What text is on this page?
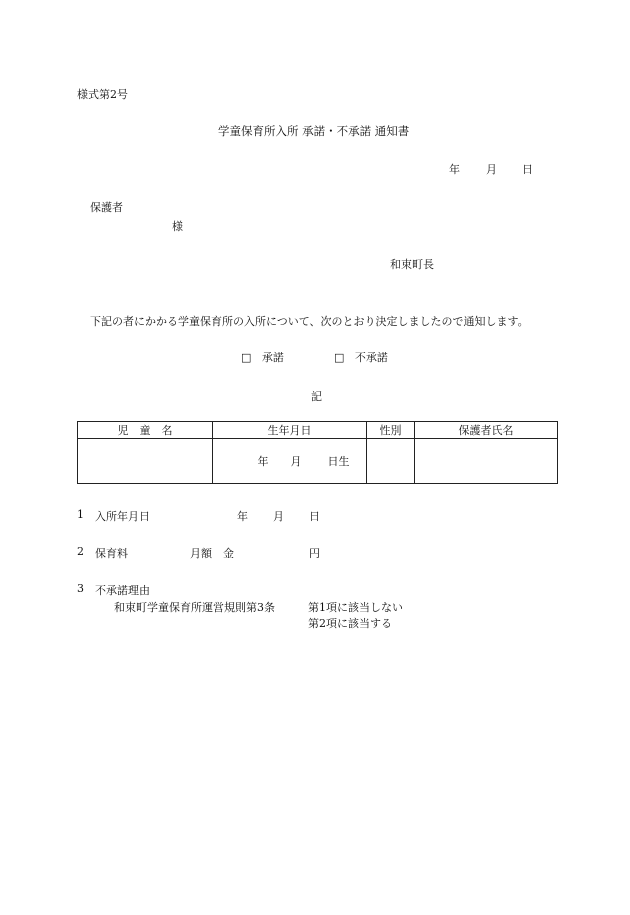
様式第2号
学童保育所入所 承諾・不承諾 通知書
年 月 日
保護者
様
和束町長
下記の者にかかる学童保育所の入所について、次のとおり決定しましたので通知します。
□ 承諾	□ 不承諾
記
児　童　名	生年月日	性別	保護者氏名
	年 月 日生		
1 入所年月日	年 月 日
2 保育料	月額　金	円
3 不承諾理由
和束町学童保育所運営規則第3条	第1項に該当しない
第2項に該当する
